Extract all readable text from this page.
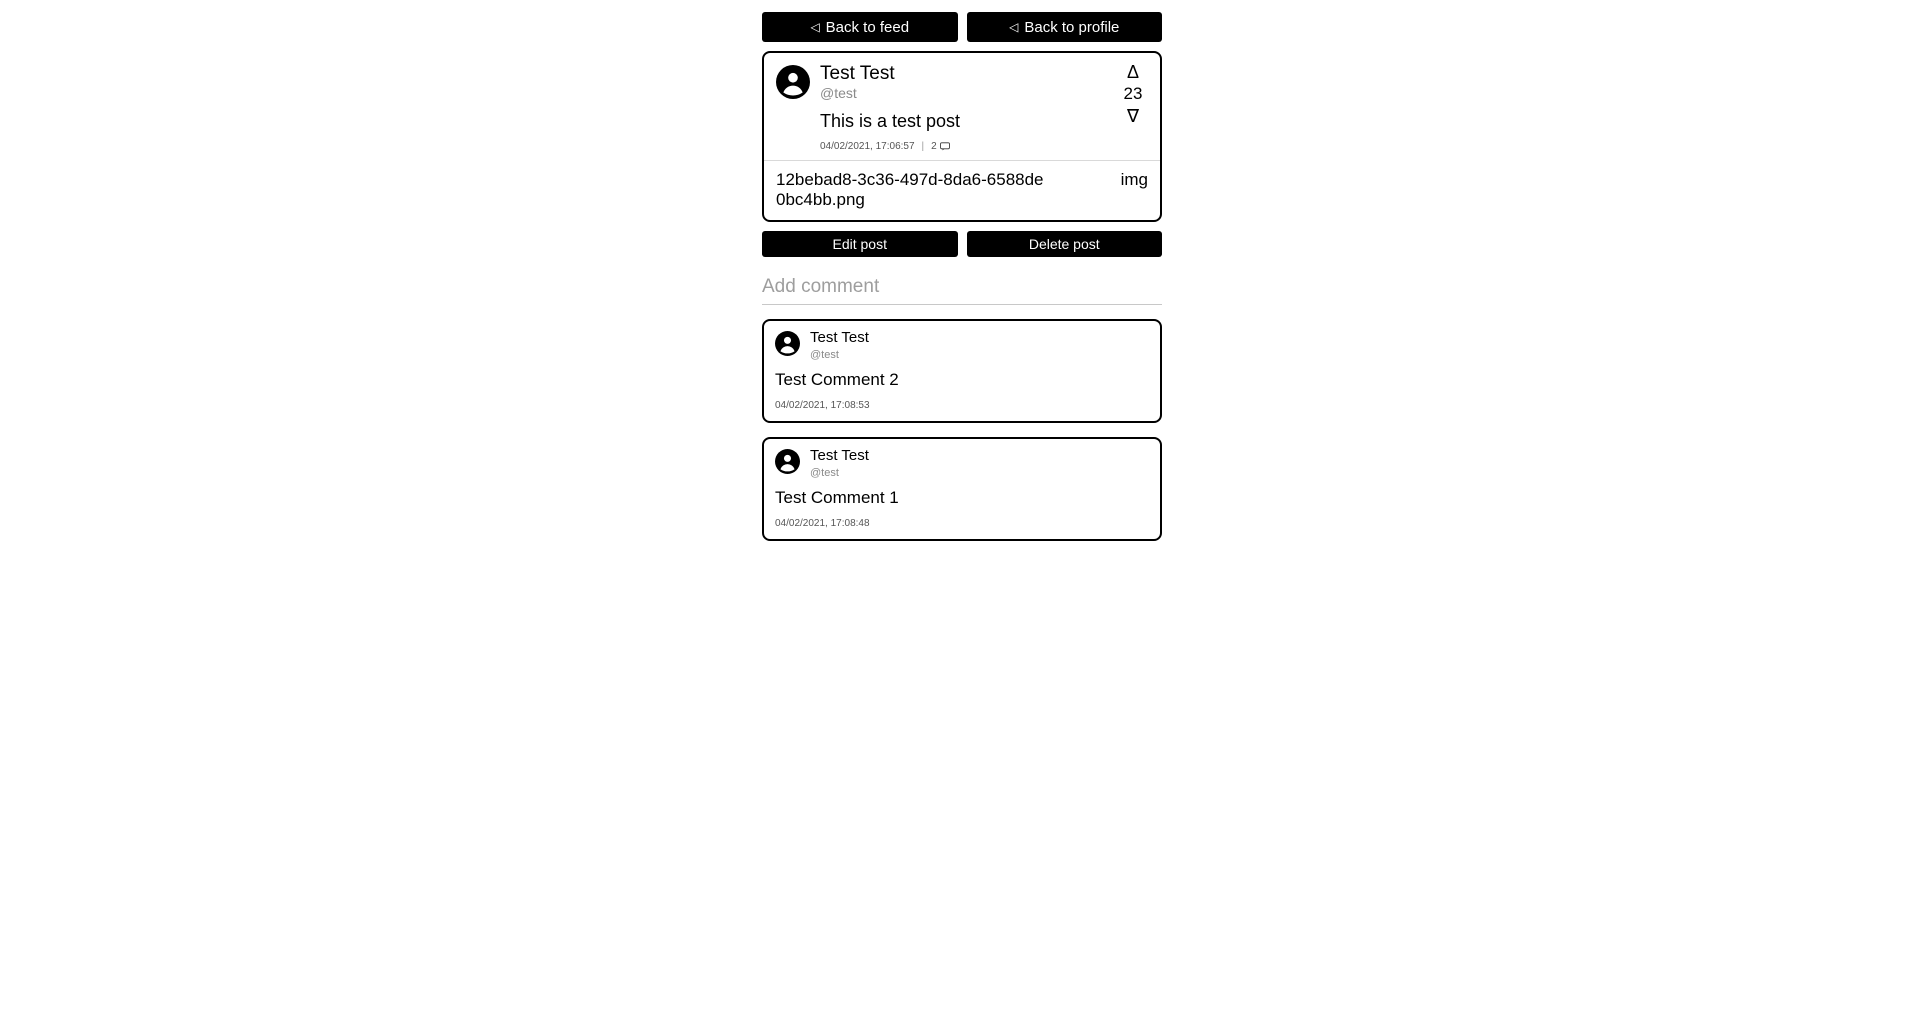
◁ Back to feed	◁ Back to profile
Test Test
@test
This is a test post
04/02/2021, 17:06:57 | 2
Δ
23
∇
12bebad8-3c36-497d-8da6-6588de0bc4bb.png
img
Edit post	Delete post
Add comment
Test Test
@test
Test Comment 2
04/02/2021, 17:08:53
Test Test
@test
Test Comment 1
04/02/2021, 17:08:48
